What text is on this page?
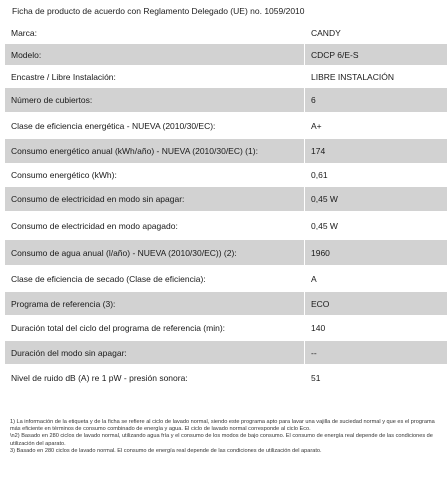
Ficha de producto de acuerdo con Reglamento Delegado (UE) no. 1059/2010
Marca:	CANDY
Modelo:	CDCP 6/E-S
Encastre / Libre Instalación:	LIBRE INSTALACIÓN
Número de cubiertos:	6
Clase de eficiencia energética - NUEVA (2010/30/EC):	A+
Consumo energético anual (kWh/año) - NUEVA (2010/30/EC) (1):	174
Consumo energético (kWh):	0,61
Consumo de electricidad en modo sin apagar:	0,45 W
Consumo de electricidad en modo apagado:	0,45 W
Consumo de agua anual (l/año) - NUEVA (2010/30/EC)) (2):	1960
Clase de eficiencia de secado (Clase de eficiencia):	A
Programa de referencia (3):	ECO
Duración total del ciclo del programa de referencia (min):	140
Duración del modo sin apagar:	--
Nivel de ruido dB (A) re 1 pW - presión sonora:	51

1) La información de la etiqueta y de la ficha se refiere al ciclo de lavado normal, siendo este programa apto para lavar una vajilla de suciedad normal y que es el programa más eficiente en términos de consumo combinado de energía y agua. El ciclo de lavado normal corresponde al ciclo Eco.

\n2) Basado en 280 ciclos de lavado normal, utilizando agua fría y el consumo de los modos de bajo consumo. El consumo de energía real depende de las condiciones de utilización del aparato.

3) Basado en 280 ciclos de lavado normal. El consumo de energía real depende de las condiciones de utilización del aparato.
